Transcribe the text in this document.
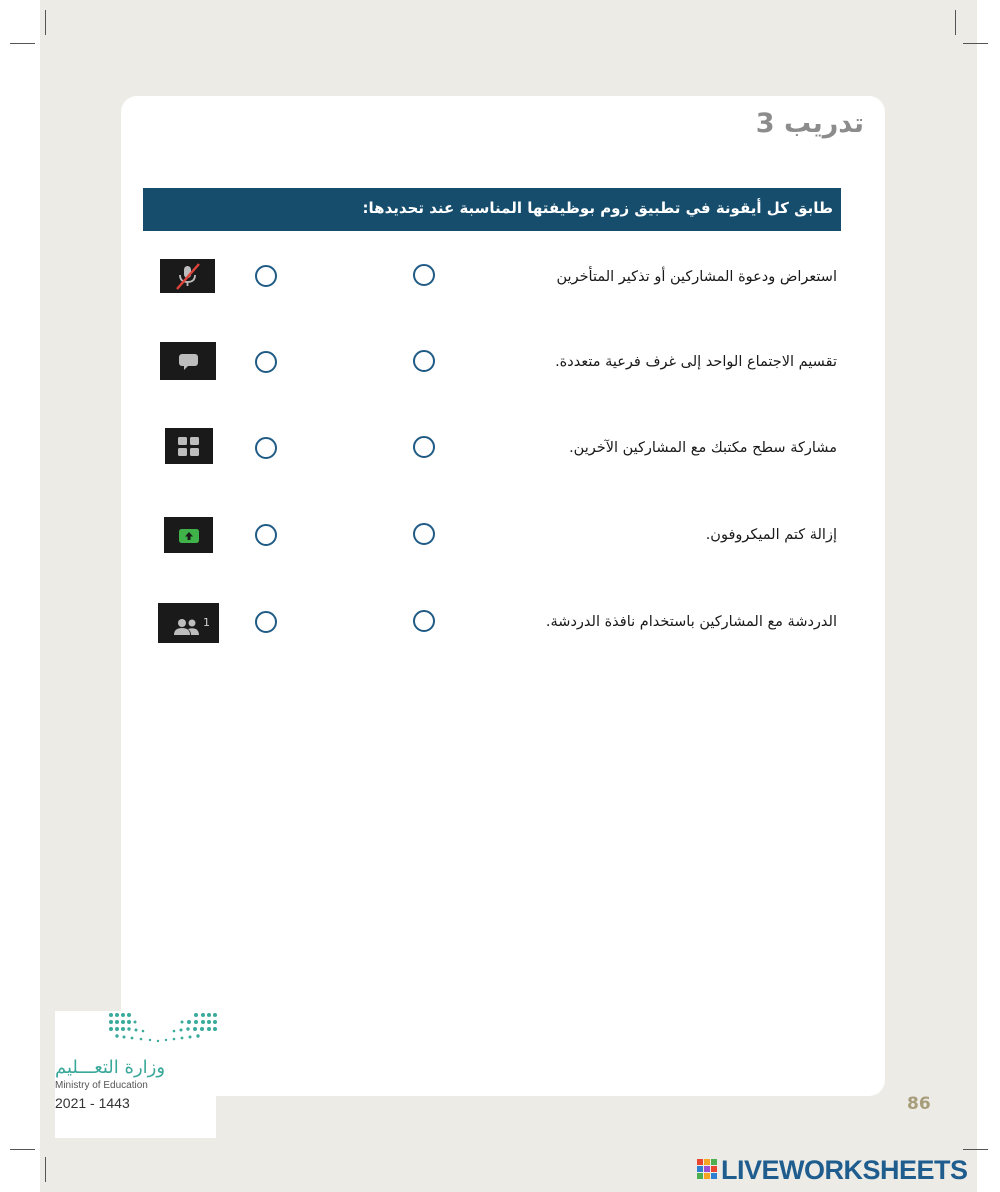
تدريب 3
طابق كل أيقونة في تطبيق زوم بوظيفتها المناسبة عند تحديدها:
استعراض ودعوة المشاركين أو تذكير المتأخرين
تقسيم الاجتماع الواحد إلى غرف فرعية متعددة.
مشاركة سطح مكتبك مع المشاركين الآخرين.
إزالة كتم الميكروفون.
1	الدردشة مع المشاركين باستخدام نافذة الدردشة.
وزارة التعـــليم
Ministry of Education
2021 - 1443	86
LIVEWORKSHEETS
